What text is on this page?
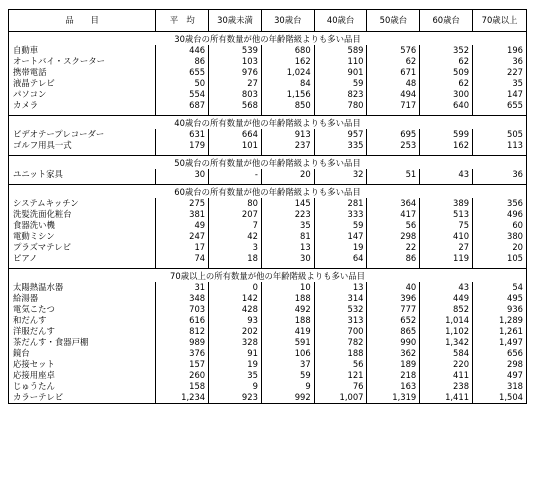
品　　目	平　均	30歳未満	30歳台	40歳台	50歳台	60歳台	70歳以上
30歳台の所有数量が他の年齢階級よりも多い品目							
自動車	446	539	680	589	576	352	196
オートバイ・スクーター	86	103	162	110	62	62	36
携帯電話	655	976	1,024	901	671	509	227
液晶テレビ	50	27	84	59	48	62	35
パソコン	554	803	1,156	823	494	300	147
カメラ	687	568	850	780	717	640	655

40歳台の所有数量が他の年齢階級よりも多い品目							
ビデオテープレコーダー	631	664	913	957	695	599	505
ゴルフ用具一式	179	101	237	335	253	162	113

50歳台の所有数量が他の年齢階級よりも多い品目							
ユニット家具	30	-	20	32	51	43	36

60歳台の所有数量が他の年齢階級よりも多い品目							
システムキッチン	275	80	145	281	364	389	356
洗髪洗面化粧台	381	207	223	333	417	513	496
食器洗い機	49	7	35	59	56	75	60
電動ミシン	247	42	81	147	298	410	380
プラズマテレビ	17	3	13	19	22	27	20
ピアノ	74	18	30	64	86	119	105

70歳以上の所有数量が他の年齢階級よりも多い品目							
太陽熱温水器	31	0	10	13	40	43	54
給湯器	348	142	188	314	396	449	495
電気こたつ	703	428	492	532	777	852	936
和だんす	616	93	188	313	652	1,014	1,289
洋服だんす	812	202	419	700	865	1,102	1,261
茶だんす・食器戸棚	989	328	591	782	990	1,342	1,497
鏡台	376	91	106	188	362	584	656
応接セット	157	19	37	56	189	220	298
応接用座卓	260	35	59	121	218	411	497
じゅうたん	158	9	9	76	163	238	318
カラーテレビ	1,234	923	992	1,007	1,319	1,411	1,504
